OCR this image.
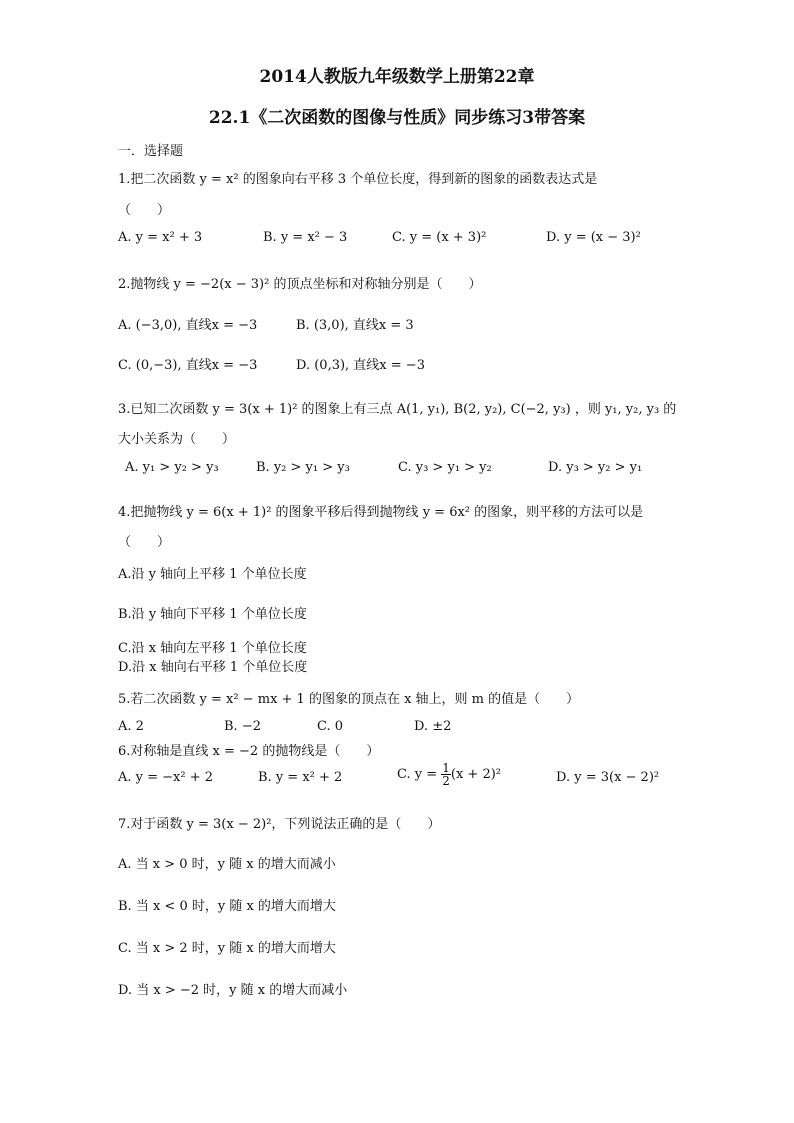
2014人教版九年级数学上册第22章
22.1《二次函数的图像与性质》同步练习3带答案
一．选择题
1.把二次函数 y = x² 的图象向右平移 3 个单位长度，得到新的图象的函数表达式是
（　　）
A. y = x² + 3	B. y = x² − 3	C. y = (x + 3)²	D. y = (x − 3)²
2.抛物线 y = −2(x − 3)² 的顶点坐标和对称轴分别是（　　）
A. (−3,0), 直线x = −3	B. (3,0), 直线x = 3
C. (0,−3), 直线x = −3	D. (0,3), 直线x = −3
3.已知二次函数 y = 3(x + 1)² 的图象上有三点 A(1, y₁), B(2, y₂), C(−2, y₃) ，则 y₁, y₂, y₃ 的
大小关系为（　　）
A. y₁ > y₂ > y₃	B. y₂ > y₁ > y₃	C. y₃ > y₁ > y₂	D. y₃ > y₂ > y₁
4.把抛物线 y = 6(x + 1)² 的图象平移后得到抛物线 y = 6x² 的图象，则平移的方法可以是
（　　）
A.沿 y 轴向上平移 1 个单位长度
B.沿 y 轴向下平移 1 个单位长度
C.沿 x 轴向左平移 1 个单位长度
D.沿 x 轴向右平移 1 个单位长度
5.若二次函数 y = x² − mx + 1 的图象的顶点在 x 轴上，则 m 的值是（　　）
A. 2	B. −2	C. 0	D. ±2
6.对称轴是直线 x = −2 的抛物线是（　　）
A. y = −x² + 2	B. y = x² + 2	C. $y = \frac{1}{2} (x + 2)^2$	D. y = 3(x − 2)²
7.对于函数 y = 3(x − 2)²，下列说法正确的是（　　）
A. 当 x > 0 时，y 随 x 的增大而减小
B. 当 x < 0 时，y 随 x 的增大而增大
C. 当 x > 2 时，y 随 x 的增大而增大
D. 当 x > −2 时，y 随 x 的增大而减小
